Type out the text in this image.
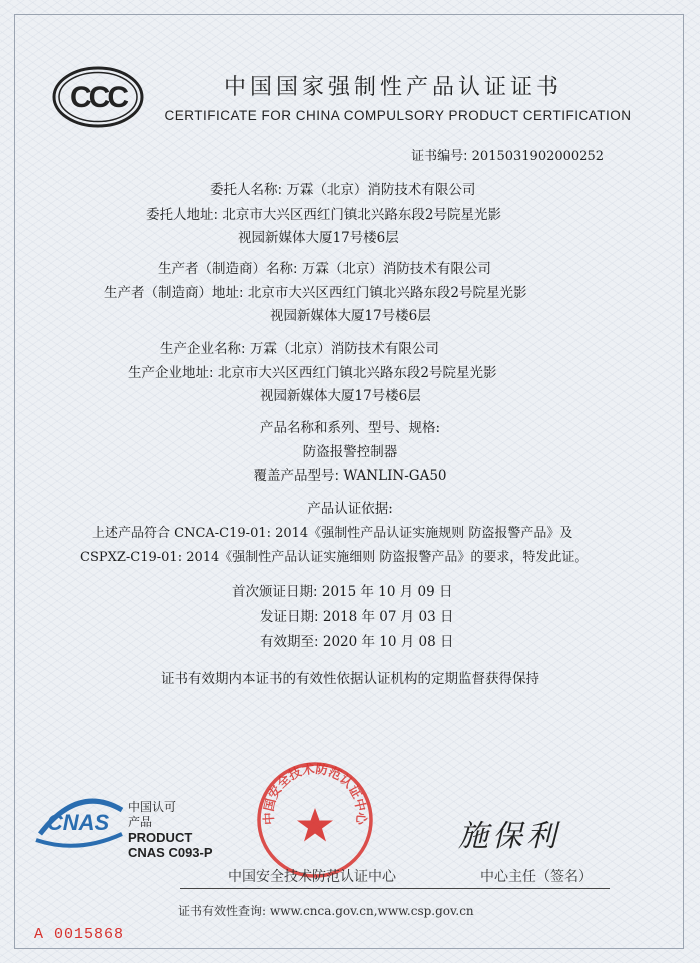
CCC	中国国家强制性产品认证证书
CERTIFICATE FOR CHINA COMPULSORY PRODUCT CERTIFICATION
证书编号: 2015031902000252
委托人名称: 万霖（北京）消防技术有限公司
委托人地址: 北京市大兴区西红门镇北兴路东段2号院星光影
视园新媒体大厦17号楼6层
生产者（制造商）名称: 万霖（北京）消防技术有限公司
生产者（制造商）地址: 北京市大兴区西红门镇北兴路东段2号院星光影
视园新媒体大厦17号楼6层
生产企业名称: 万霖（北京）消防技术有限公司
生产企业地址: 北京市大兴区西红门镇北兴路东段2号院星光影
视园新媒体大厦17号楼6层
产品名称和系列、型号、规格:
防盗报警控制器
覆盖产品型号: WANLIN-GA50
产品认证依据:
上述产品符合 CNCA-C19-01: 2014《强制性产品认证实施规则 防盗报警产品》及
CSPXZ-C19-01: 2014《强制性产品认证实施细则 防盗报警产品》的要求，特发此证。
首次颁证日期: 2015 年 10 月 09 日
发证日期: 2018 年 07 月 03 日
有效期至: 2020 年 10 月 08 日
证书有效期内本证书的有效性依据认证机构的定期监督获得保持
CNAS
中国认可
产品
PRODUCT
CNAS C093-P
中国安全技术防范认证中心
施保利
中国安全技术防范认证中心	中心主任（签名）
证书有效性查询: www.cnca.gov.cn,www.csp.gov.cn
A 0015868
